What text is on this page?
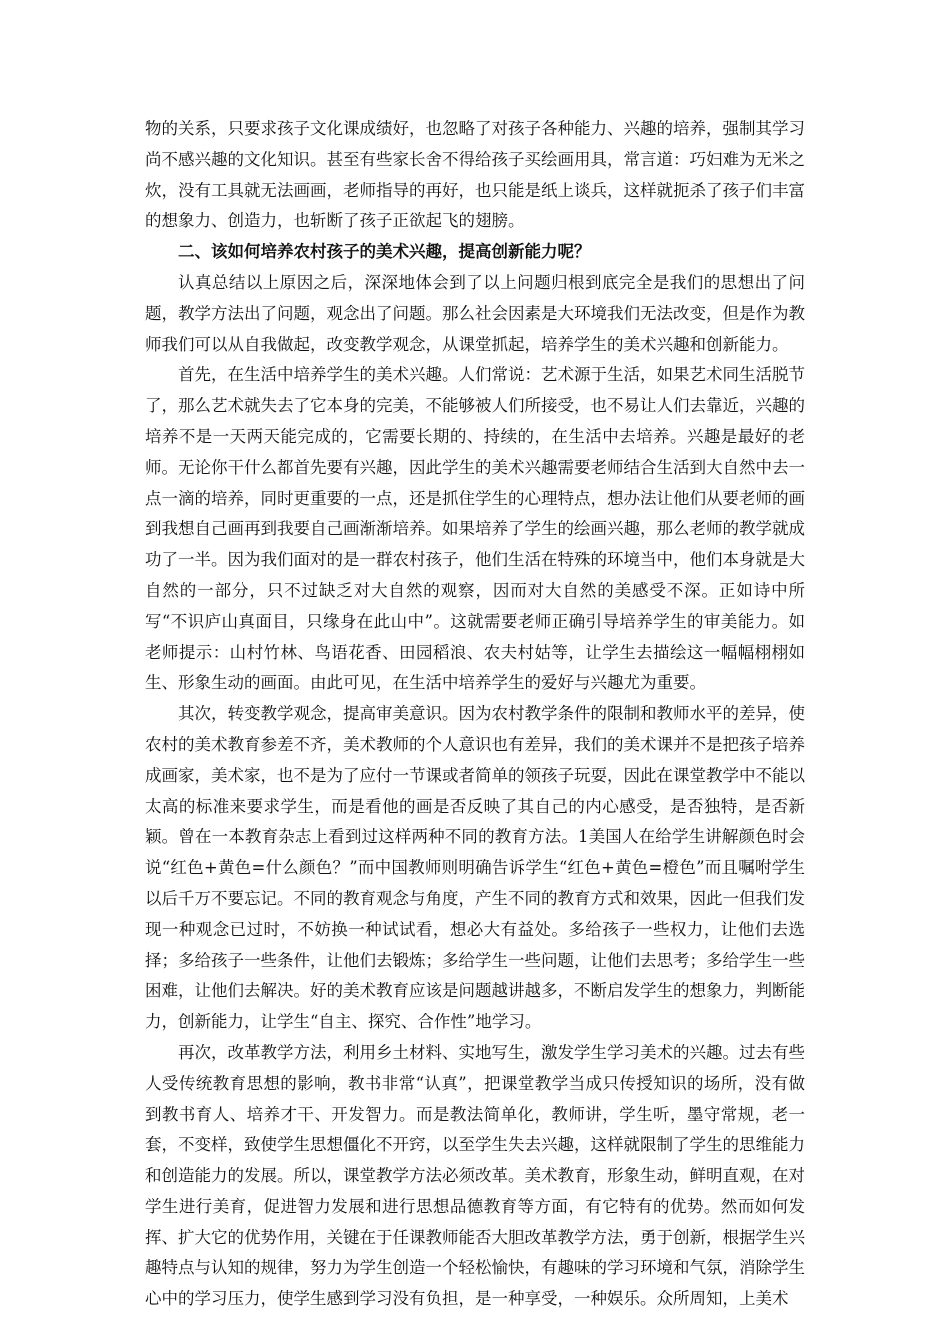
物的关系，只要求孩子文化课成绩好，也忽略了对孩子各种能力、兴趣的培养，强制其学习尚不感兴趣的文化知识。甚至有些家长舍不得给孩子买绘画用具，常言道：巧妇难为无米之炊，没有工具就无法画画，老师指导的再好，也只能是纸上谈兵，这样就扼杀了孩子们丰富的想象力、创造力，也斩断了孩子正欲起飞的翅膀。

二、该如何培养农村孩子的美术兴趣，提高创新能力呢？

认真总结以上原因之后，深深地体会到了以上问题归根到底完全是我们的思想出了问题，教学方法出了问题，观念出了问题。那么社会因素是大环境我们无法改变，但是作为教师我们可以从自我做起，改变教学观念，从课堂抓起，培养学生的美术兴趣和创新能力。

首先，在生活中培养学生的美术兴趣。人们常说：艺术源于生活，如果艺术同生活脱节了，那么艺术就失去了它本身的完美，不能够被人们所接受，也不易让人们去靠近，兴趣的培养不是一天两天能完成的，它需要长期的、持续的，在生活中去培养。兴趣是最好的老师。无论你干什么都首先要有兴趣，因此学生的美术兴趣需要老师结合生活到大自然中去一点一滴的培养，同时更重要的一点，还是抓住学生的心理特点，想办法让他们从要老师的画到我想自己画再到我要自己画渐渐培养。如果培养了学生的绘画兴趣，那么老师的教学就成功了一半。因为我们面对的是一群农村孩子，他们生活在特殊的环境当中，他们本身就是大自然的一部分，只不过缺乏对大自然的观察，因而对大自然的美感受不深。正如诗中所写“不识庐山真面目，只缘身在此山中”。这就需要老师正确引导培养学生的审美能力。如老师提示：山村竹林、鸟语花香、田园稻浪、农夫村姑等，让学生去描绘这一幅幅栩栩如生、形象生动的画面。由此可见，在生活中培养学生的爱好与兴趣尤为重要。

其次，转变教学观念，提高审美意识。因为农村教学条件的限制和教师水平的差异，使农村的美术教育参差不齐，美术教师的个人意识也有差异，我们的美术课并不是把孩子培养成画家，美术家，也不是为了应付一节课或者简单的领孩子玩耍，因此在课堂教学中不能以太高的标准来要求学生，而是看他的画是否反映了其自己的内心感受，是否独特，是否新颖。曾在一本教育杂志上看到过这样两种不同的教育方法。1美国人在给学生讲解颜色时会说“红色+黄色=什么颜色？”而中国教师则明确告诉学生“红色+黄色=橙色”而且嘱咐学生以后千万不要忘记。不同的教育观念与角度，产生不同的教育方式和效果，因此一但我们发现一种观念已过时，不妨换一种试试看，想必大有益处。多给孩子一些权力，让他们去选择；多给孩子一些条件，让他们去锻炼；多给学生一些问题，让他们去思考；多给学生一些困难，让他们去解决。好的美术教育应该是问题越讲越多，不断启发学生的想象力，判断能力，创新能力，让学生“自主、探究、合作性”地学习。

再次，改革教学方法，利用乡土材料、实地写生，激发学生学习美术的兴趣。过去有些人受传统教育思想的影响，教书非常“认真”，把课堂教学当成只传授知识的场所，没有做到教书育人、培养才干、开发智力。而是教法简单化，教师讲，学生听，墨守常规，老一套，不变样，致使学生思想僵化不开窍，以至学生失去兴趣，这样就限制了学生的思维能力和创造能力的发展。所以，课堂教学方法必须改革。美术教育，形象生动，鲜明直观，在对学生进行美育，促进智力发展和进行思想品德教育等方面，有它特有的优势。然而如何发挥、扩大它的优势作用，关键在于任课教师能否大胆改革教学方法，勇于创新，根据学生兴趣特点与认知的规律，努力为学生创造一个轻松愉快，有趣味的学习环境和气氛，消除学生心中的学习压力，使学生感到学习没有负担，是一种享受，一种娱乐。众所周知，上美术
